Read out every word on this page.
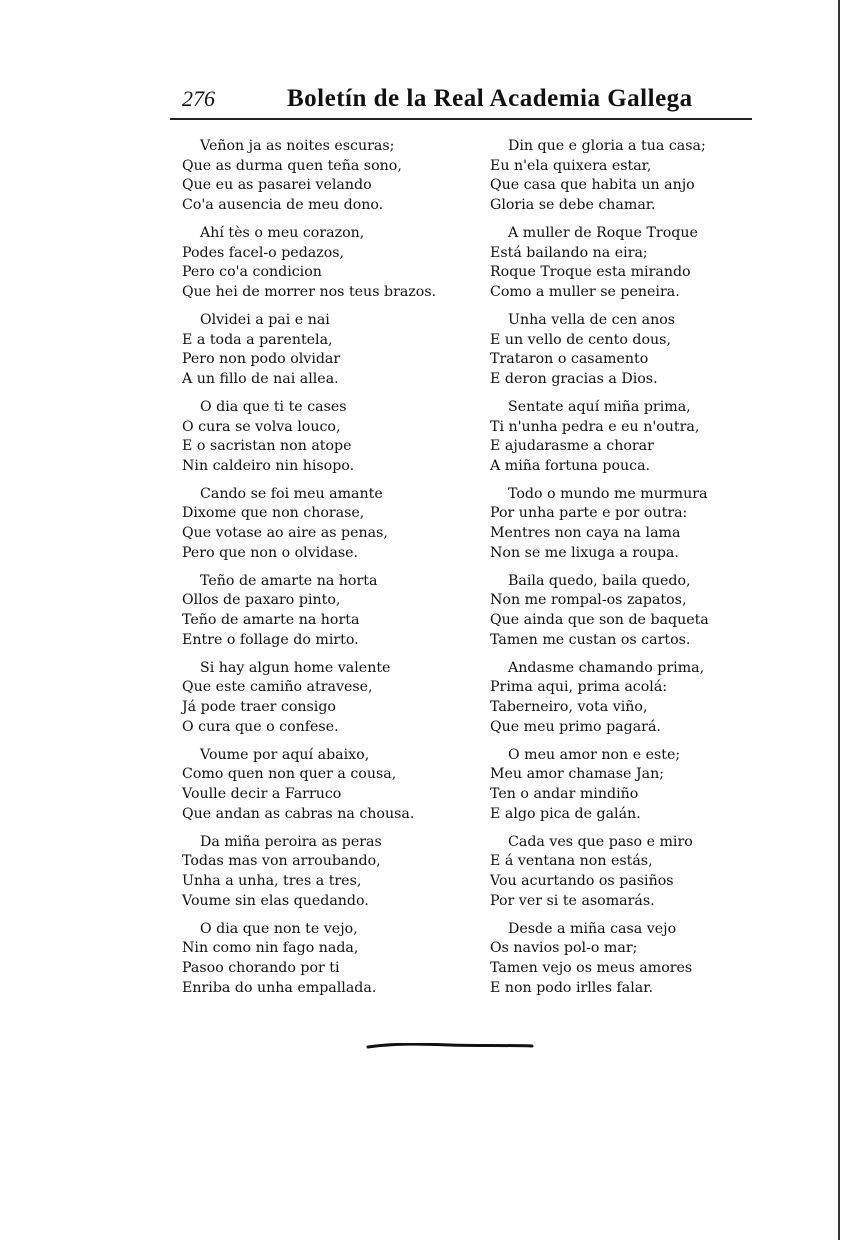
276	Boletín de la Real Academia Gallega
Veñon ja as noites escuras;
Que as durma quen teña sono,
Que eu as pasarei velando
Co'a ausencia de meu dono.
Ahí tès o meu corazon,
Podes facel-o pedazos,
Pero co'a condicion
Que hei de morrer nos teus brazos.
Olvidei a pai e nai
E a toda a parentela,
Pero non podo olvidar
A un fillo de nai allea.
O dia que ti te cases
O cura se volva louco,
E o sacristan non atope
Nin caldeiro nin hisopo.
Cando se foi meu amante
Dixome que non chorase,
Que votase ao aire as penas,
Pero que non o olvidase.
Teño de amarte na horta
Ollos de paxaro pinto,
Teño de amarte na horta
Entre o follage do mirto.
Si hay algun home valente
Que este camiño atravese,
Já pode traer consigo
O cura que o confese.
Voume por aquí abaixo,
Como quen non quer a cousa,
Voulle decir a Farruco
Que andan as cabras na chousa.
Da miña peroira as peras
Todas mas von arroubando,
Unha a unha, tres a tres,
Voume sin elas quedando.
O dia que non te vejo,
Nin como nin fago nada,
Pasoo chorando por ti
Enriba do unha empallada.
Din que e gloria a tua casa;
Eu n'ela quixera estar,
Que casa que habita un anjo
Gloria se debe chamar.
A muller de Roque Troque
Está bailando na eira;
Roque Troque esta mirando
Como a muller se peneira.
Unha vella de cen anos
E un vello de cento dous,
Trataron o casamento
E deron gracias a Dios.
Sentate aquí miña prima,
Ti n'unha pedra e eu n'outra,
E ajudarasme a chorar
A miña fortuna pouca.
Todo o mundo me murmura
Por unha parte e por outra:
Mentres non caya na lama
Non se me lixuga a roupa.
Baila quedo, baila quedo,
Non me rompal-os zapatos,
Que ainda que son de baqueta
Tamen me custan os cartos.
Andasme chamando prima,
Prima aqui, prima acolá:
Taberneiro, vota viño,
Que meu primo pagará.
O meu amor non e este;
Meu amor chamase Jan;
Ten o andar mindiño
E algo pica de galán.
Cada ves que paso e miro
E á ventana non estás,
Vou acurtando os pasiños
Por ver si te asomarás.
Desde a miña casa vejo
Os navios pol-o mar;
Tamen vejo os meus amores
E non podo irlles falar.
